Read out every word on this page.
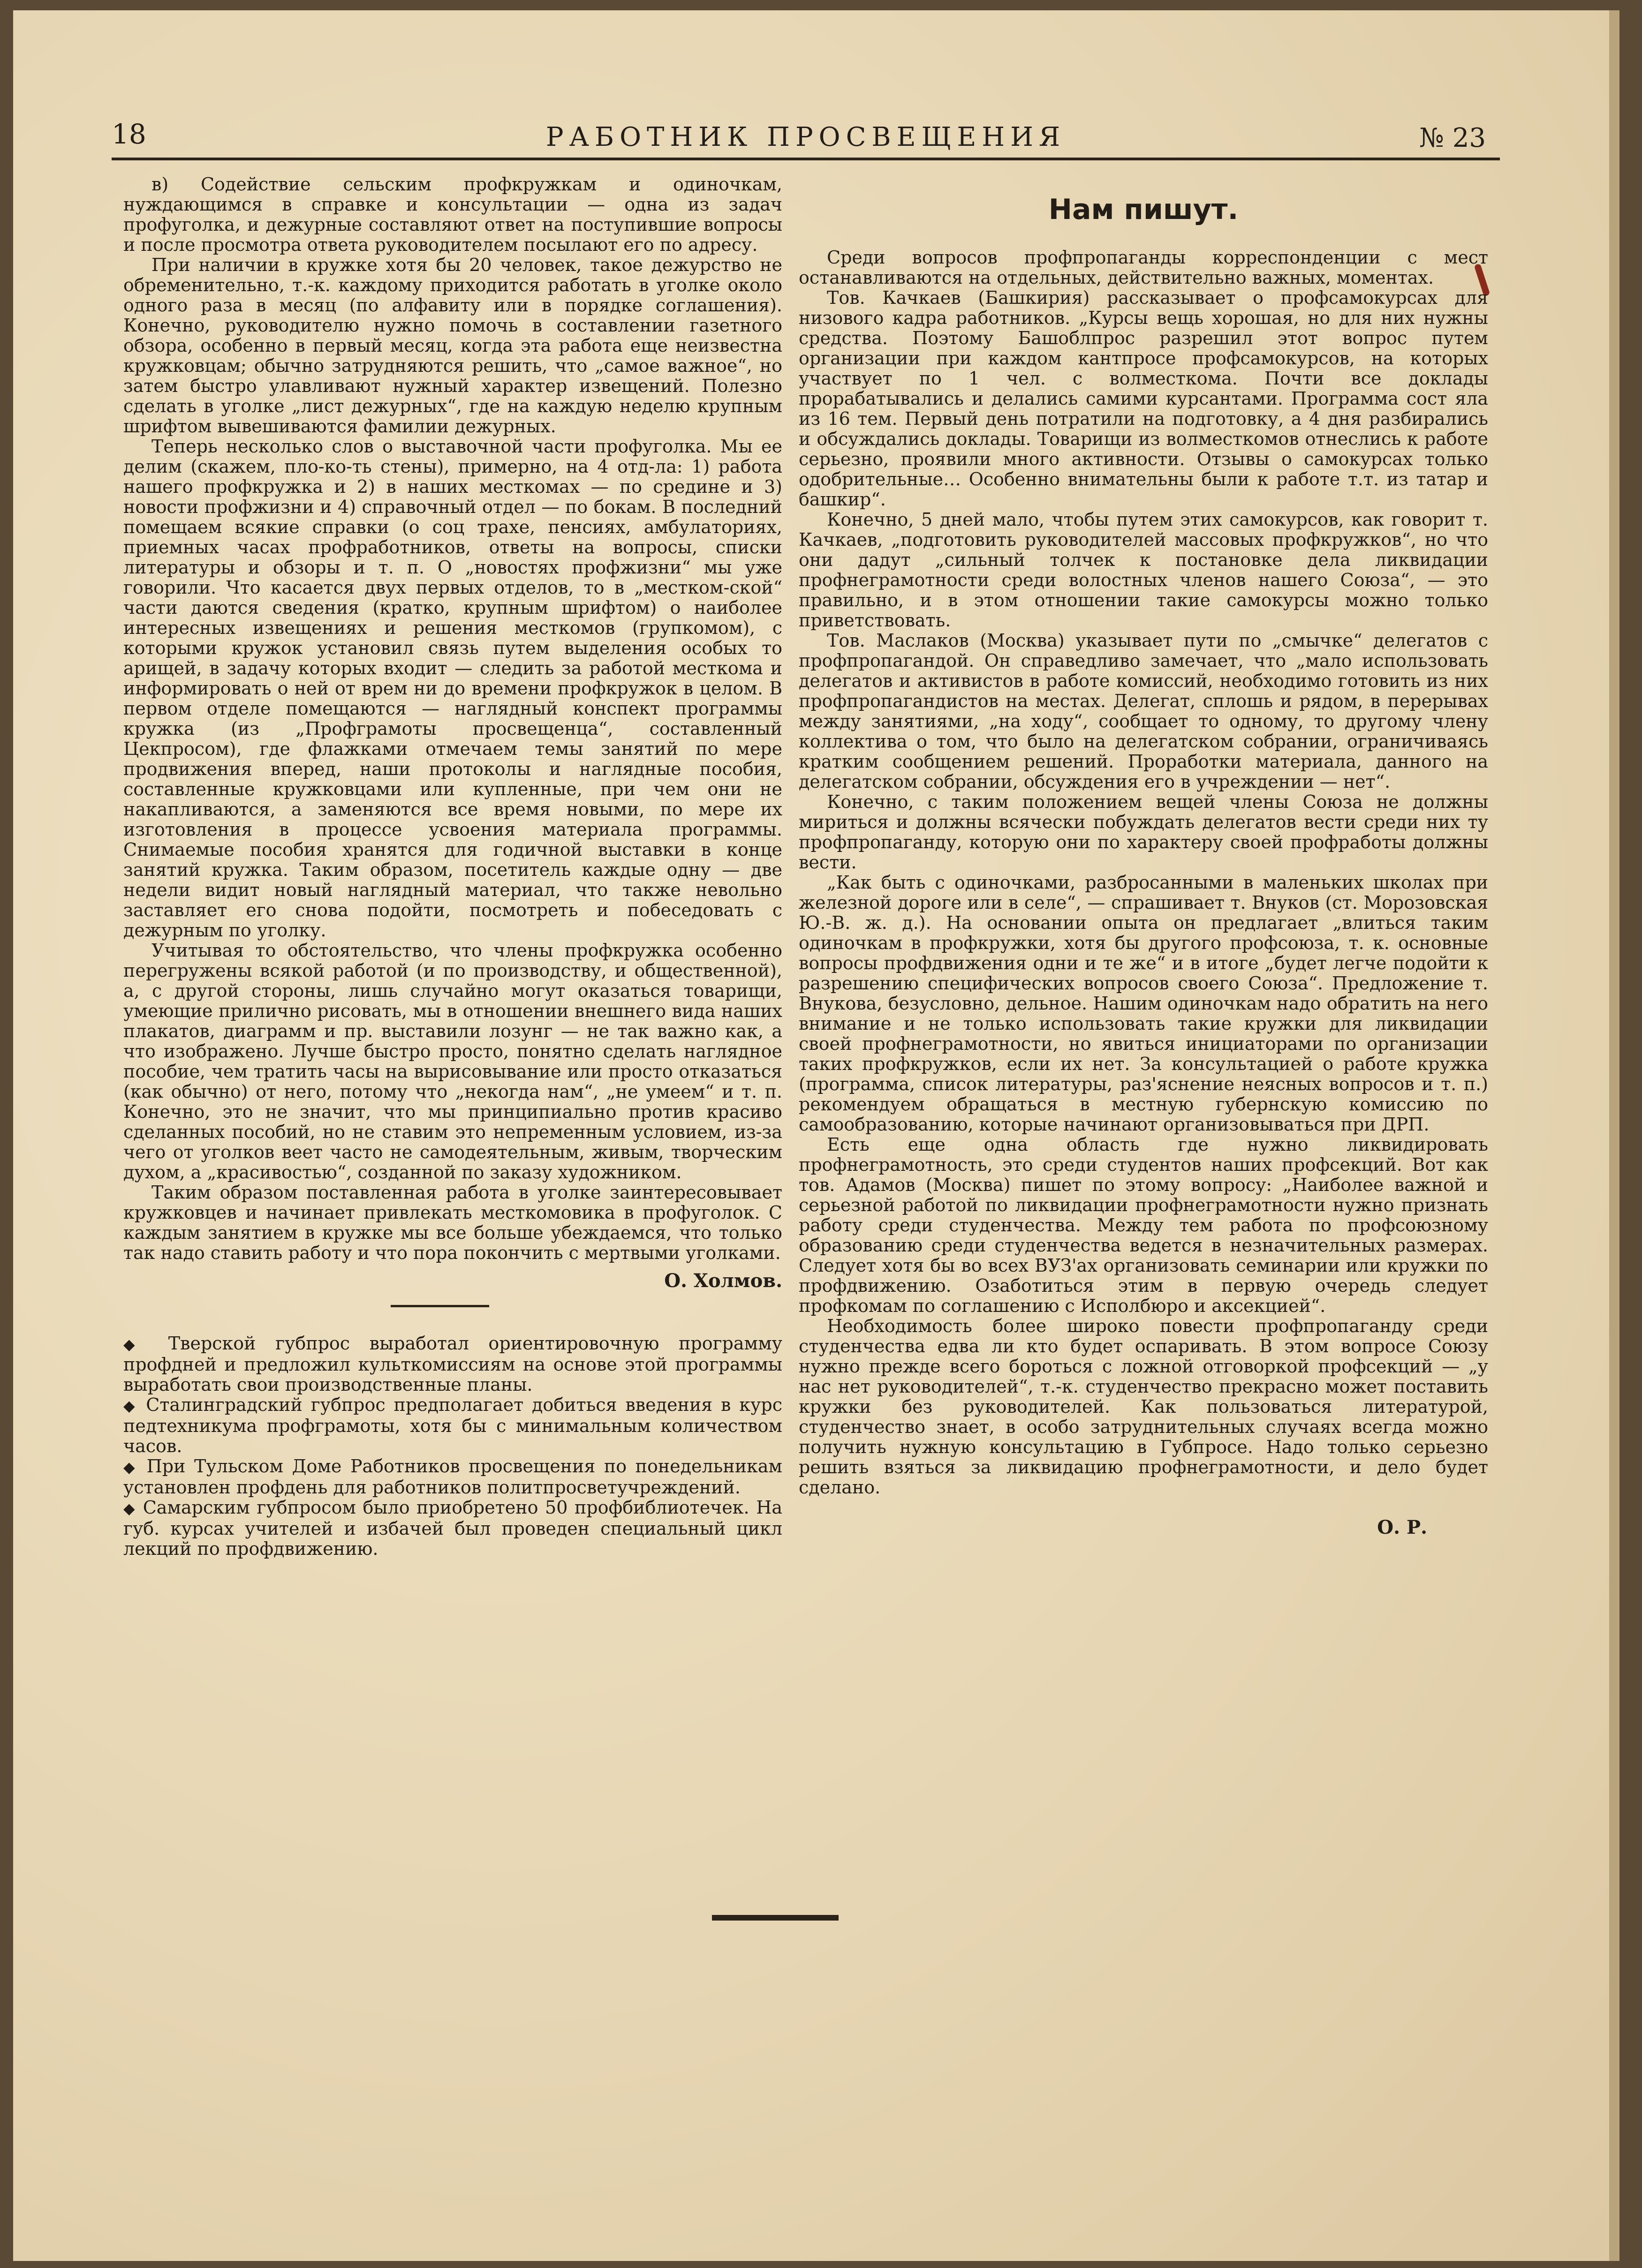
18	РАБОТНИК ПРОСВЕЩЕНИЯ	№ 23

в) Содействие сельским профкружкам и одиночкам, нуждающимся в справке и консультации — одна из задач профуголка, и дежурные составляют ответ на поступившие вопросы и после просмотра ответа руководителем посылают его по адресу.

При наличии в кружке хотя бы 20 человек, такое дежурство не обременительно, т.-к. каждому приходится работать в уголке около одного раза в месяц (по алфавиту или в порядке соглашения). Конечно, руководителю нужно помочь в составлении газетного обзора, особенно в первый месяц, когда эта работа еще неизвестна кружковцам; обычно затрудняются решить, что „самое важное“, но затем быстро улавливают нужный характер извещений. Полезно сделать в уголке „лист дежурных“, где на каждую неделю крупным шрифтом вывешиваются фамилии дежурных.

Теперь несколько слов о выставочной части профуголка. Мы ее делим (скажем, пло-ко-ть стены), примерно, на 4 отд-ла: 1) работа нашего профкружка и 2) в наших месткомах — по средине и 3) новости профжизни и 4) справочный отдел — по бокам. В последний помещаем всякие справки (о соц трахе, пенсиях, амбулаториях, приемных часах профработников, ответы на вопросы, списки литературы и обзоры и т. п. О „новостях профжизни“ мы уже говорили. Что касается двух первых отделов, то в „местком-ской“ части даются сведения (кратко, крупным шрифтом) о наиболее интересных извещениях и решения месткомов (групкомом), с которыми кружок установил связь путем выделения особых то арищей, в задачу которых входит — следить за работой месткома и информировать о ней от врем ни до времени профкружок в целом. В первом отделе помещаются — наглядный конспект программы кружка (из „Профграмоты просвещенца“, составленный Цекпросом), где флажками отмечаем темы занятий по мере продвижения вперед, наши протоколы и наглядные пособия, составленные кружковцами или купленные, при чем они не накапливаются, а заменяются все время новыми, по мере их изготовления в процессе усвоения материала программы. Снимаемые пособия хранятся для годичной выставки в конце занятий кружка. Таким образом, посетитель каждые одну — две недели видит новый наглядный материал, что также невольно заставляет его снова подойти, посмотреть и побеседовать с дежурным по уголку.

Учитывая то обстоятельство, что члены профкружка особенно перегружены всякой работой (и по производству, и общественной), а, с другой стороны, лишь случайно могут оказаться товарищи, умеющие прилично рисовать, мы в отношении внешнего вида наших плакатов, диаграмм и пр. выставили лозунг — не так важно как, а что изображено. Лучше быстро просто, понятно сделать наглядное пособие, чем тратить часы на вырисовывание или просто отказаться (как обычно) от него, потому что „некогда нам“, „не умеем“ и т. п. Конечно, это не значит, что мы принципиально против красиво сделанных пособий, но не ставим это непременным условием, из-за чего от уголков веет часто не самодеятельным, живым, творческим духом, а „красивостью“, созданной по заказу художником.

Таким образом поставленная работа в уголке заинтересовывает кружковцев и начинает привлекать месткомовика в профуголок. С каждым занятием в кружке мы все больше убеждаемся, что только так надо ставить работу и что пора покончить с мертвыми уголками.

О. Холмов.

◆ Тверской губпрос выработал ориентировочную программу профдней и предложил культкомиссиям на основе этой программы выработать свои производственные планы.

◆ Сталинградский губпрос предполагает добиться введения в курс педтехникума профграмоты, хотя бы с минимальным количеством часов.

◆ При Тульском Доме Работников просвещения по понедельникам установлен профдень для работников политпросветучреждений.

◆ Самарским губпросом было приобретено 50 профбиблиотечек. На губ. курсах учителей и избачей был проведен специальный цикл лекций по профдвижению.

Нам пишут.

Среди вопросов профпропаганды корреспонденции с мест останавливаются на отдельных, действительно важных, моментах.

Тов. Качкаев (Башкирия) рассказывает о профсамокурсах для низового кадра работников. „Курсы вещь хорошая, но для них нужны средства. Поэтому Башоблпрос разрешил этот вопрос путем организации при каждом кантпросе профсамокурсов, на которых участвует по 1 чел. с волместкома. Почти все доклады прорабатывались и делались самими курсантами. Программа сост яла из 16 тем. Первый день потратили на подготовку, а 4 дня разбирались и обсуждались доклады. Товарищи из волместкомов отнеслись к работе серьезно, проявили много активности. Отзывы о самокурсах только одобрительные… Особенно внимательны были к работе т.т. из татар и башкир“.

Конечно, 5 дней мало, чтобы путем этих самокурсов, как говорит т. Качкаев, „подготовить руководителей массовых профкружков“, но что они дадут „сильный толчек к постановке дела ликвидации профнеграмотности среди волостных членов нашего Союза“, — это правильно, и в этом отношении такие самокурсы можно только приветствовать.

Тов. Маслаков (Москва) указывает пути по „смычке“ делегатов с профпропагандой. Он справедливо замечает, что „мало использовать делегатов и активистов в работе комиссий, необходимо готовить из них профпропагандистов на местах. Делегат, сплошь и рядом, в перерывах между занятиями, „на ходу“, сообщает то одному, то другому члену коллектива о том, что было на делегатском собрании, ограничиваясь кратким сообщением решений. Проработки материала, данного на делегатском собрании, обсуждения его в учреждении — нет“.

Конечно, с таким положением вещей члены Союза не должны мириться и должны всячески побуждать делегатов вести среди них ту профпропаганду, которую они по характеру своей профработы должны вести.

„Как быть с одиночками, разбросанными в маленьких школах при железной дороге или в селе“, — спрашивает т. Внуков (ст. Морозовская Ю.-В. ж. д.). На основании опыта он предлагает „влиться таким одиночкам в профкружки, хотя бы другого профсоюза, т. к. основные вопросы профдвижения одни и те же“ и в итоге „будет легче подойти к разрешению специфических вопросов своего Союза“. Предложение т. Внукова, безусловно, дельное. Нашим одиночкам надо обратить на него внимание и не только использовать такие кружки для ликвидации своей профнеграмотности, но явиться инициаторами по организации таких профкружков, если их нет. За консультацией о работе кружка (программа, список литературы, раз'яснение неясных вопросов и т. п.) рекомендуем обращаться в местную губернскую комиссию по самообразованию, которые начинают организовываться при ДРП.

Есть еще одна область где нужно ликвидировать профнеграмотность, это среди студентов наших профсекций. Вот как тов. Адамов (Москва) пишет по этому вопросу: „Наиболее важной и серьезной работой по ликвидации профнеграмотности нужно признать работу среди студенчества. Между тем работа по профсоюзному образованию среди студенчества ведется в незначительных размерах. Следует хотя бы во всех ВУЗ'ах организовать семинарии или кружки по профдвижению. Озаботиться этим в первую очередь следует профкомам по соглашению с Исполбюро и аксекцией“.

Необходимость более широко повести профпропаганду среди студенчества едва ли кто будет оспаривать. В этом вопросе Союзу нужно прежде всего бороться с ложной отговоркой профсекций — „у нас нет руководителей“, т.-к. студенчество прекрасно может поставить кружки без руководителей. Как пользоваться литературой, студенчество знает, в особо затруднительных случаях всегда можно получить нужную консультацию в Губпросе. Надо только серьезно решить взяться за ликвидацию профнеграмотности, и дело будет сделано.

О. Р.
